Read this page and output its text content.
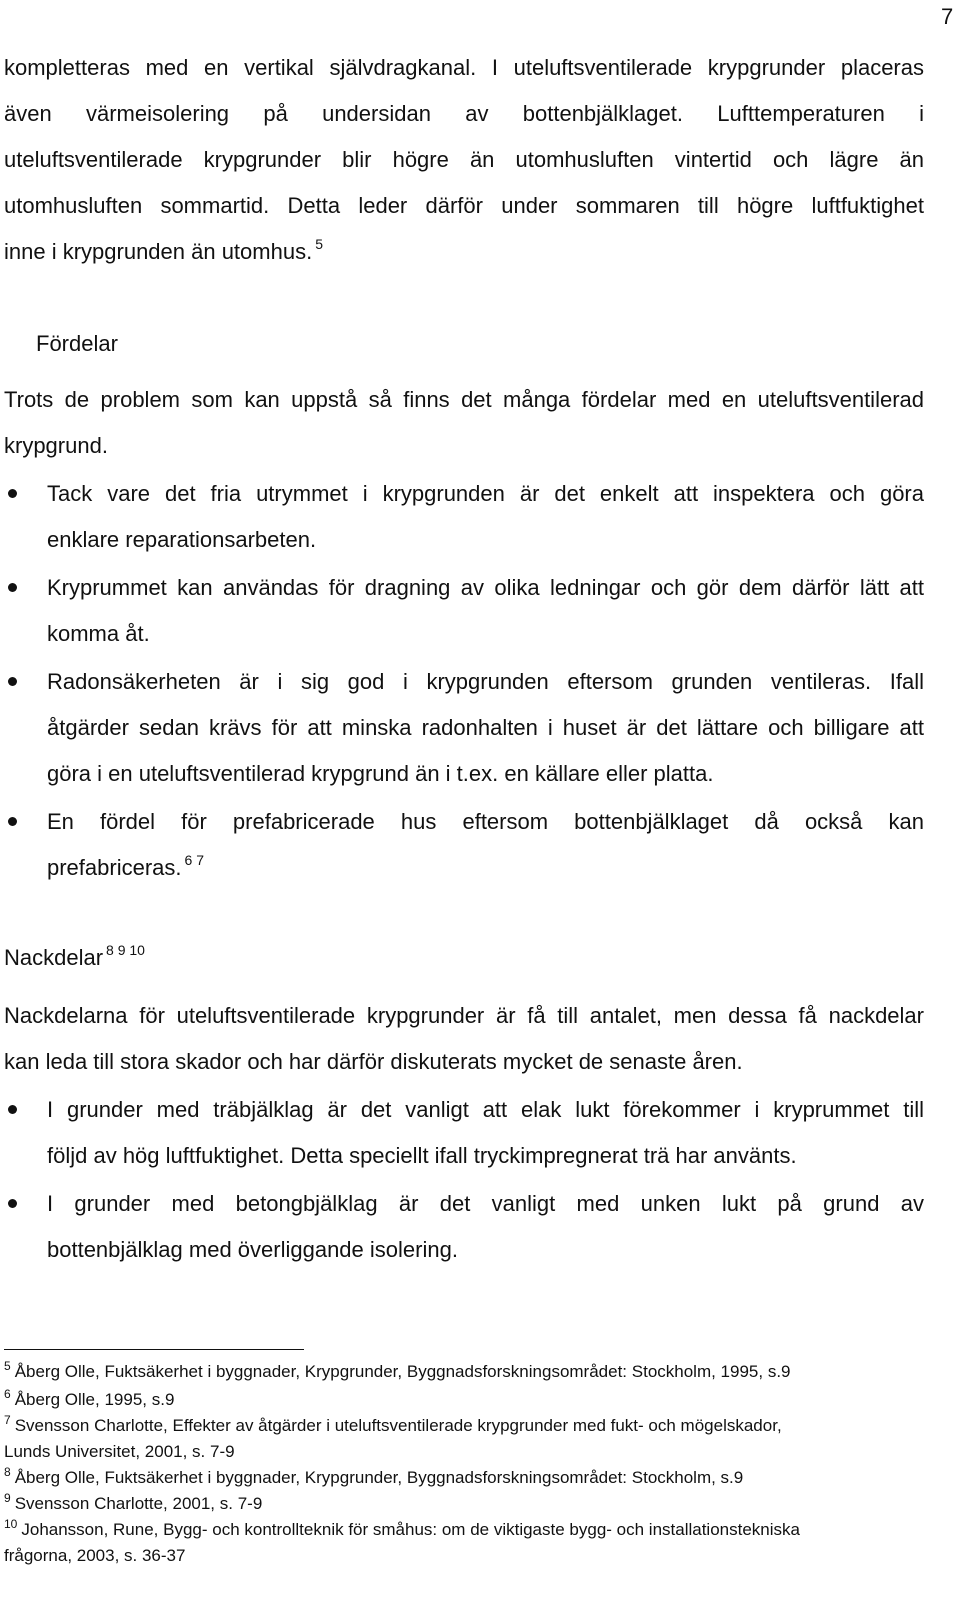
7
kompletteras med en vertikal självdragkanal. I uteluftsventilerade krypgrunder placeras
även värmeisolering på undersidan av bottenbjälklaget. Lufttemperaturen i
uteluftsventilerade krypgrunder blir högre än utomhusluften vintertid och lägre än
utomhusluften sommartid. Detta leder därför under sommaren till högre luftfuktighet
inne i krypgrunden än utomhus. $^5$
Fördelar
Trots de problem som kan uppstå så finns det många fördelar med en uteluftsventilerad
krypgrund.
Tack vare det fria utrymmet i krypgrunden är det enkelt att inspektera och göra
enklare reparationsarbeten.
Kryprummet kan användas för dragning av olika ledningar och gör dem därför lätt att
komma åt.
Radonsäkerheten är i sig god i krypgrunden eftersom grunden ventileras. Ifall
åtgärder sedan krävs för att minska radonhalten i huset är det lättare och billigare att
göra i en uteluftsventilerad krypgrund än i t.ex. en källare eller platta.
En fördel för prefabricerade hus eftersom bottenbjälklaget då också kan
prefabriceras. $^{6 7}$
Nackdelar $^{8 9 10}$
Nackdelarna för uteluftsventilerade krypgrunder är få till antalet, men dessa få nackdelar
kan leda till stora skador och har därför diskuterats mycket de senaste åren.
I grunder med träbjälklag är det vanligt att elak lukt förekommer i kryprummet till
följd av hög luftfuktighet. Detta speciellt ifall tryckimpregnerat trä har använts.
I grunder med betongbjälklag är det vanligt med unken lukt på grund av
bottenbjälklag med överliggande isolering.
$^5$ Åberg Olle, Fuktsäkerhet i byggnader, Krypgrunder, Byggnadsforskningsområdet: Stockholm, 1995, s.9
$^6$ Åberg Olle, 1995, s.9
$^7$ Svensson Charlotte, Effekter av åtgärder i uteluftsventilerade krypgrunder med fukt- och mögelskador,
Lunds Universitet, 2001, s. 7-9
$^8$ Åberg Olle, Fuktsäkerhet i byggnader, Krypgrunder, Byggnadsforskningsområdet: Stockholm, s.9
$^9$ Svensson Charlotte, 2001, s. 7-9
$^{10}$ Johansson, Rune, Bygg- och kontrollteknik för småhus: om de viktigaste bygg- och installationstekniska
frågorna, 2003, s. 36-37
